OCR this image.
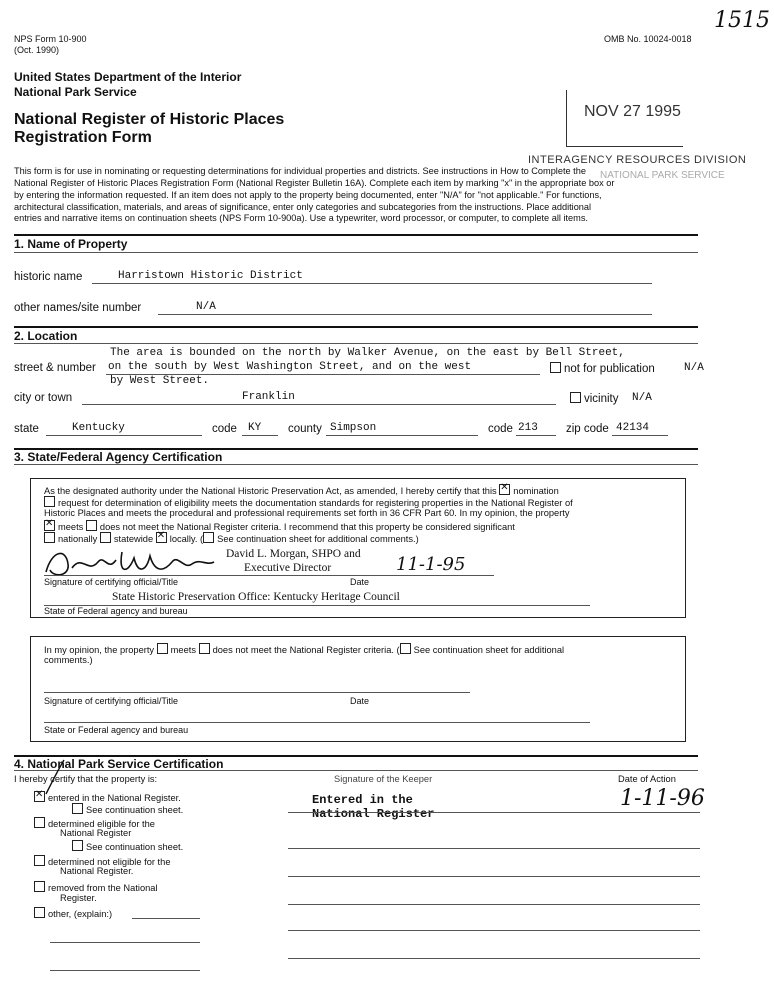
NPS Form 10-900
(Oct. 1990)
OMB No. 10024-0018
1515
United States Department of the Interior
National Park Service
National Register of Historic Places
Registration Form
NOV 27 1995
INTERAGENCY RESOURCES DIVISION
NATIONAL PARK SERVICE
This form is for use in nominating or requesting determinations for individual properties and districts. See instructions in How to Complete the
National Register of Historic Places Registration Form (National Register Bulletin 16A). Complete each item by marking "x" in the appropriate box or
by entering the information requested. If an item does not apply to the property being documented, enter "N/A" for "not applicable." For functions,
architectural classification, materials, and areas of significance, enter only categories and subcategories from the instructions. Place additional
entries and narrative items on continuation sheets (NPS Form 10-900a). Use a typewriter, word processor, or computer, to complete all items.
1. Name of Property
historic name	Harristown Historic District
other names/site number	N/A
2. Location
The area is bounded on the north by Walker Avenue, on the east by Bell Street,
street & number on the south by West Washington Street, and on the west	not for publication	N/A
by West Street.
city or town	Franklin	vicinity N/A
state	Kentucky	code KY county Simpson	code 213 zip code 42134
3. State/Federal Agency Certification
As the designated authority under the National Historic Preservation Act, as amended, I hereby certify that this ✕ nomination
request for determination of eligibility meets the documentation standards for registering properties in the National Register of
Historic Places and meets the procedural and professional requirements set forth in 36 CFR Part 60. In my opinion, the property
✕meets does not meet the National Register criteria. I recommend that this property be considered significant
nationally statewide ✕ locally. ( See continuation sheet for additional comments.)
David L. Morgan, SHPO and
Executive Director	11-1-95
Signature of certifying official/Title	Date
State Historic Preservation Office: Kentucky Heritage Council
State of Federal agency and bureau
In my opinion, the property meets does not meet the National Register criteria. ( See continuation sheet for additional
comments.)
Signature of certifying official/Title	Date
State or Federal agency and bureau
4. National Park Service Certification
I hereby certify that the property is:	Signature of the Keeper	Date of Action
✕entered in the National Register.
See continuation sheet.
Entered in the
National Register
1-11-96
determined eligible for the
National Register
See continuation sheet.
determined not eligible for the
National Register.
removed from the National
Register.
other, (explain:)
